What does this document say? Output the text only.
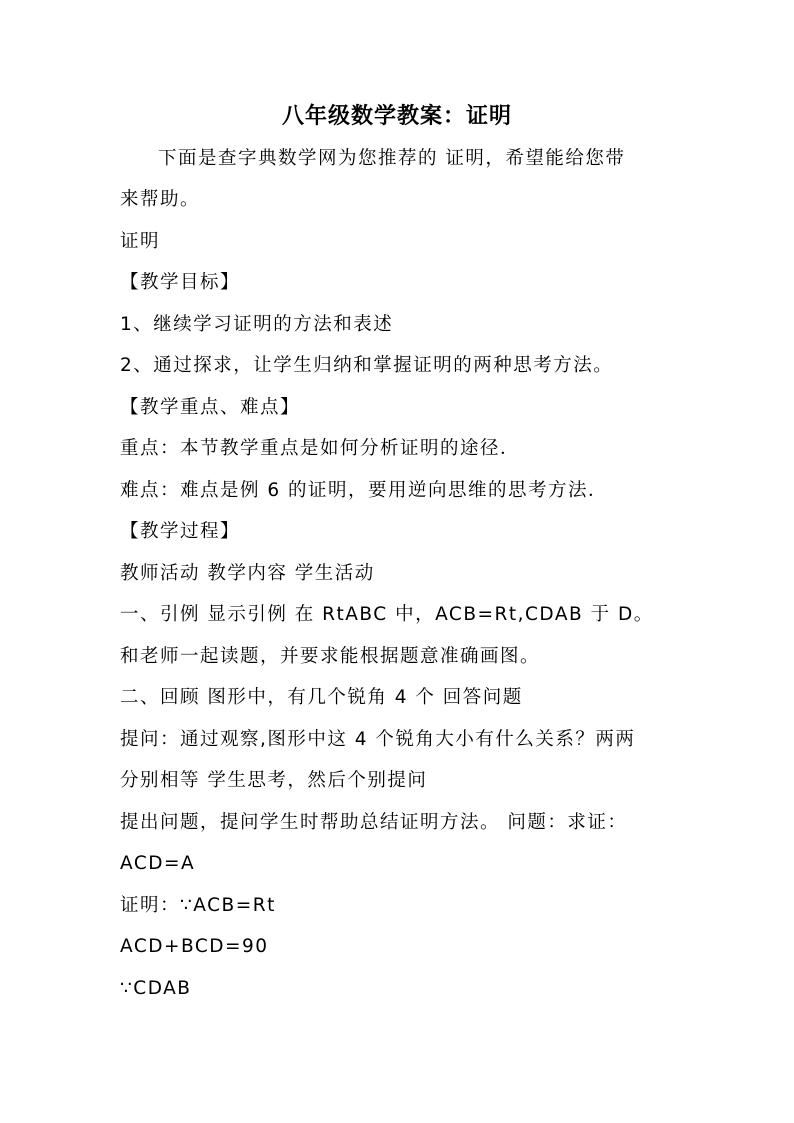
八年级数学教案：证明
下面是查字典数学网为您推荐的 证明，希望能给您带
来帮助。
证明
【教学目标】
1、继续学习证明的方法和表述
2、通过探求，让学生归纳和掌握证明的两种思考方法。
【教学重点、难点】
重点：本节教学重点是如何分析证明的途径．
难点：难点是例 6 的证明，要用逆向思维的思考方法．
【教学过程】
教师活动 教学内容 学生活动
一、引例 显示引例 在 RtABC 中，ACB=Rt,CDAB 于 D。
和老师一起读题，并要求能根据题意准确画图。
二、回顾 图形中，有几个锐角 4 个 回答问题
提问：通过观察,图形中这 4 个锐角大小有什么关系？两两
分别相等 学生思考，然后个别提问
提出问题，提问学生时帮助总结证明方法。 问题：求证：
ACD=A
证明：∵ACB=Rt
ACD+BCD=90
∵CDAB
